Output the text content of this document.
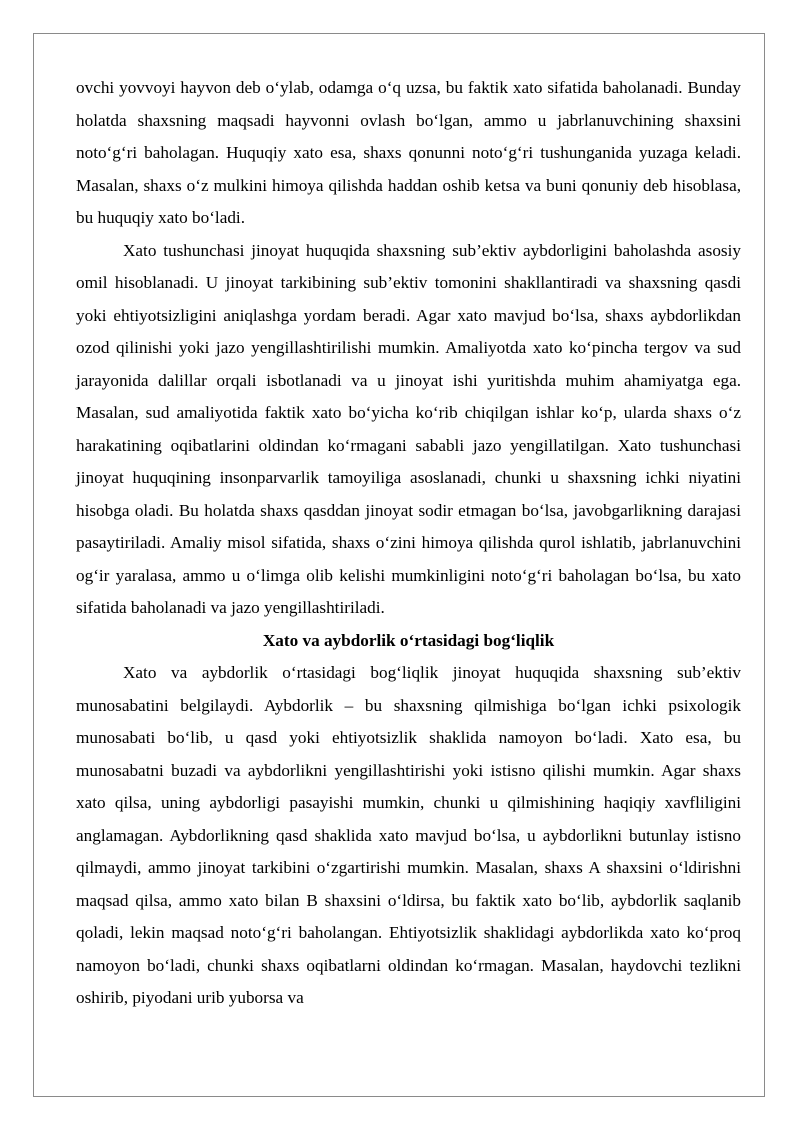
ovchi yovvoyi hayvon deb o‘ylab, odamga o‘q uzsa, bu faktik xato sifatida baholanadi. Bunday holatda shaxsning maqsadi hayvonni ovlash bo‘lgan, ammo u jabrlanuvchining shaxsini noto‘g‘ri baholagan. Huquqiy xato esa, shaxs qonunni noto‘g‘ri tushunganida yuzaga keladi. Masalan, shaxs o‘z mulkini himoya qilishda haddan oshib ketsa va buni qonuniy deb hisoblasa, bu huquqiy xato bo‘ladi.

Xato tushunchasi jinoyat huquqida shaxsning sub’ektiv aybdorligini baholashda asosiy omil hisoblanadi. U jinoyat tarkibining sub’ektiv tomonini shakllantiradi va shaxsning qasdi yoki ehtiyotsizligini aniqlashga yordam beradi. Agar xato mavjud bo‘lsa, shaxs aybdorlikdan ozod qilinishi yoki jazo yengillashtirilishi mumkin. Amaliyotda xato ko‘pincha tergov va sud jarayonida dalillar orqali isbotlanadi va u jinoyat ishi yuritishda muhim ahamiyatga ega. Masalan, sud amaliyotida faktik xato bo‘yicha ko‘rib chiqilgan ishlar ko‘p, ularda shaxs o‘z harakatining oqibatlarini oldindan ko‘rmagani sababli jazo yengillatilgan. Xato tushunchasi jinoyat huquqining insonparvarlik tamoyiliga asoslanadi, chunki u shaxsning ichki niyatini hisobga oladi. Bu holatda shaxs qasddan jinoyat sodir etmagan bo‘lsa, javobgarlikning darajasi pasaytiriladi. Amaliy misol sifatida, shaxs o‘zini himoya qilishda qurol ishlatib, jabrlanuvchini og‘ir yaralasa, ammo u o‘limga olib kelishi mumkinligini noto‘g‘ri baholagan bo‘lsa, bu xato sifatida baholanadi va jazo yengillashtiriladi.

Xato va aybdorlik o‘rtasidagi bog‘liqlik

Xato va aybdorlik o‘rtasidagi bog‘liqlik jinoyat huquqida shaxsning sub’ektiv munosabatini belgilaydi. Aybdorlik – bu shaxsning qilmishiga bo‘lgan ichki psixologik munosabati bo‘lib, u qasd yoki ehtiyotsizlik shaklida namoyon bo‘ladi. Xato esa, bu munosabatni buzadi va aybdorlikni yengillashtirishi yoki istisno qilishi mumkin. Agar shaxs xato qilsa, uning aybdorligi pasayishi mumkin, chunki u qilmishining haqiqiy xavfliligini anglamagan. Aybdorlikning qasd shaklida xato mavjud bo‘lsa, u aybdorlikni butunlay istisno qilmaydi, ammo jinoyat tarkibini o‘zgartirishi mumkin. Masalan, shaxs A shaxsini o‘ldirishni maqsad qilsa, ammo xato bilan B shaxsini o‘ldirsa, bu faktik xato bo‘lib, aybdorlik saqlanib qoladi, lekin maqsad noto‘g‘ri baholangan. Ehtiyotsizlik shaklidagi aybdorlikda xato ko‘proq namoyon bo‘ladi, chunki shaxs oqibatlarni oldindan ko‘rmagan. Masalan, haydovchi tezlikni oshirib, piyodani urib yuborsa va
